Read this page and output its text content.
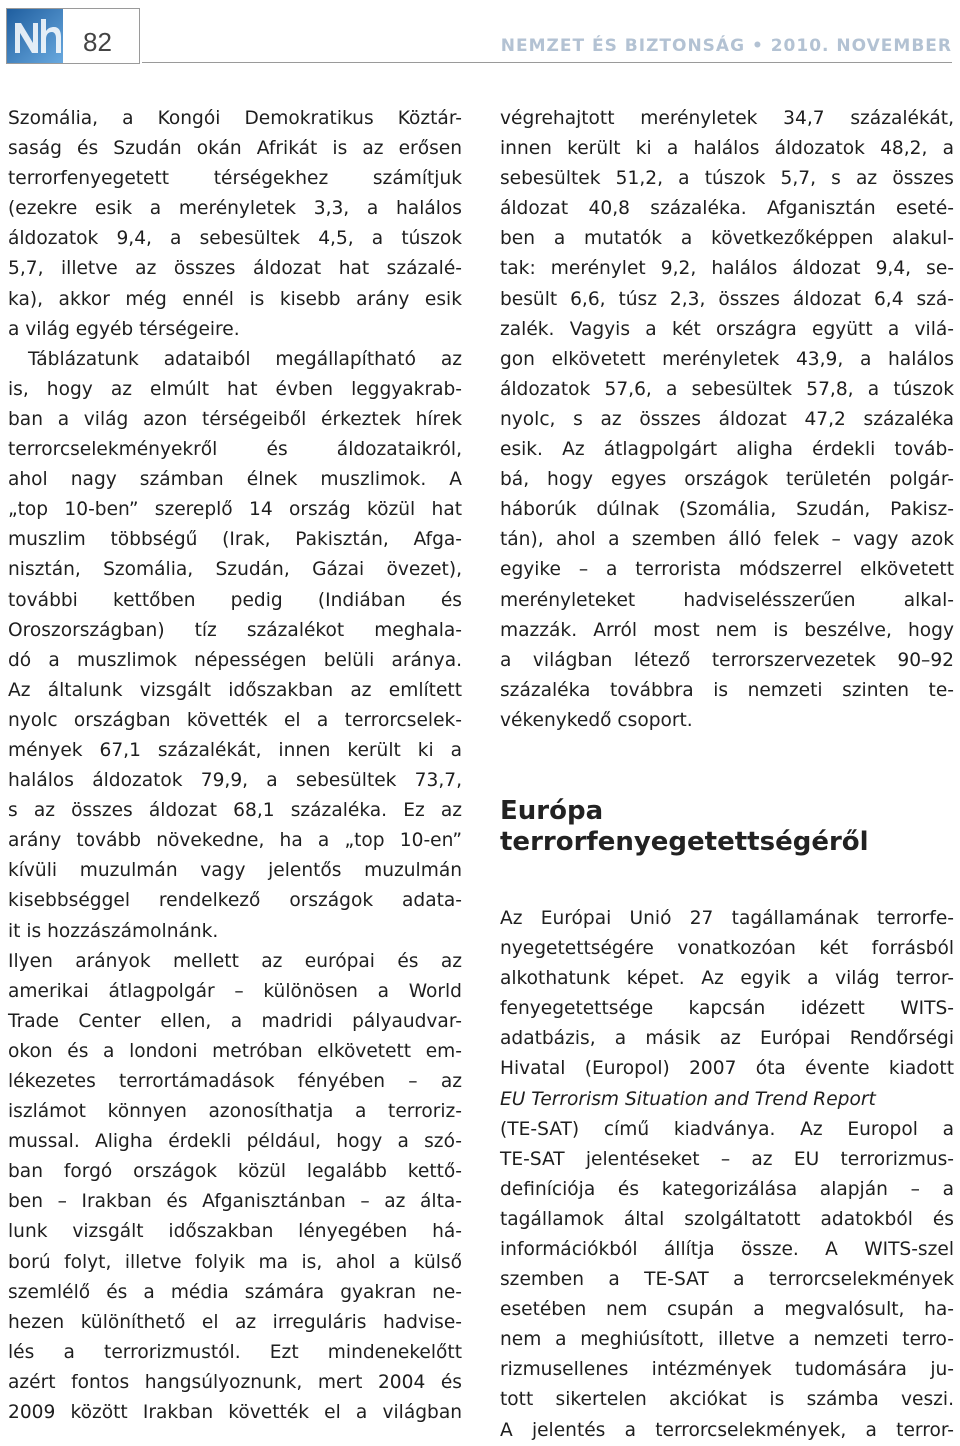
82	NEMZET ÉS BIZTONSÁG • 2010. NOVEMBER

Szomália, a Kongói Demokratikus Köztár-
saság és Szudán okán Afrikát is az erősen
terrorfenyegetett térségekhez számítjuk
(ezekre esik a merényletek 3,3, a halálos
áldozatok 9,4, a sebesültek 4,5, a túszok
5,7, illetve az összes áldozat hat százalé-
ka), akkor még ennél is kisebb arány esik
a világ egyéb térségeire.

Táblázatunk adataiból megállapítható az

is, hogy az elmúlt hat évben leggyakrab-
ban a világ azon térségeiből érkeztek hírek
terrorcselekményekről és áldozataikról,
ahol nagy számban élnek muszlimok. A
„top 10-ben” szereplő 14 ország közül hat
muszlim többségű (Irak, Pakisztán, Afga-
nisztán, Szomália, Szudán, Gázai övezet),
további kettőben pedig (Indiában és
Oroszországban) tíz százalékot meghala-
dó a muszlimok népességen belüli aránya.
Az általunk vizsgált időszakban az említett
nyolc országban követték el a terrorcselek-
mények 67,1 százalékát, innen került ki a
halálos áldozatok 79,9, a sebesültek 73,7,
s az összes áldozat 68,1 százaléka. Ez az
arány tovább növekedne, ha a „top 10-en”
kívüli muzulmán vagy jelentős muzulmán
kisebbséggel rendelkező országok adata-
it is hozzászámolnánk.

Ilyen arányok mellett az európai és az
amerikai átlagpolgár – különösen a World
Trade Center ellen, a madridi pályaudvar-
okon és a londoni metróban elkövetett em-
lékezetes terrortámadások fényében – az
iszlámot könnyen azonosíthatja a terroriz-
mussal. Aligha érdekli például, hogy a szó-
ban forgó országok közül legalább kettő-
ben – Irakban és Afganisztánban – az álta-
lunk vizsgált időszakban lényegében há-
ború folyt, illetve folyik ma is, ahol a külső
szemlélő és a média számára gyakran ne-
hezen különíthető el az irreguláris hadvise-
lés a terrorizmustól. Ezt mindenekelőtt
azért fontos hangsúlyoznunk, mert 2004 és
2009 között Irakban követték el a világban

végrehajtott merényletek 34,7 százalékát,
innen került ki a halálos áldozatok 48,2, a
sebesültek 51,2, a túszok 5,7, s az összes
áldozat 40,8 százaléka. Afganisztán eseté-
ben a mutatók a következőképpen alakul-
tak: merénylet 9,2, halálos áldozat 9,4, se-
besült 6,6, túsz 2,3, összes áldozat 6,4 szá-
zalék. Vagyis a két országra együtt a vilá-
gon elkövetett merényletek 43,9, a halálos
áldozatok 57,6, a sebesültek 57,8, a túszok
nyolc, s az összes áldozat 47,2 százaléka
esik. Az átlagpolgárt aligha érdekli továb-
bá, hogy egyes országok területén polgár-
háborúk dúlnak (Szomália, Szudán, Pakisz-
tán), ahol a szemben álló felek – vagy azok
egyike – a terrorista módszerrel elkövetett
merényleteket hadviselésszerűen alkal-
mazzák. Arról most nem is beszélve, hogy
a világban létező terrorszervezetek 90–92
százaléka továbbra is nemzeti szinten te-
vékenykedő csoport.

Európa
terrorfenyegetettségéről

Az Európai Unió 27 tagállamának terrorfe-
nyegetettségére vonatkozóan két forrásból
alkothatunk képet. Az egyik a világ terror-
fenyegetettsége kapcsán idézett WITS-
adatbázis, a másik az Európai Rendőrségi
Hivatal (Europol) 2007 óta évente kiadott
EU Terrorism Situation and Trend Report
(TE-SAT) című kiadványa. Az Europol a
TE-SAT jelentéseket – az EU terrorizmus-
definíciója és kategorizálása alapján – a
tagállamok által szolgáltatott adatokból és
információkból állítja össze. A WITS-szel
szemben a TE-SAT a terrorcselekmények
esetében nem csupán a megvalósult, ha-
nem a meghiúsított, illetve a nemzeti terro-
rizmusellenes intézmények tudomására ju-
tott sikertelen akciókat is számba veszi.
A jelentés a terrorcselekmények, a terror-
